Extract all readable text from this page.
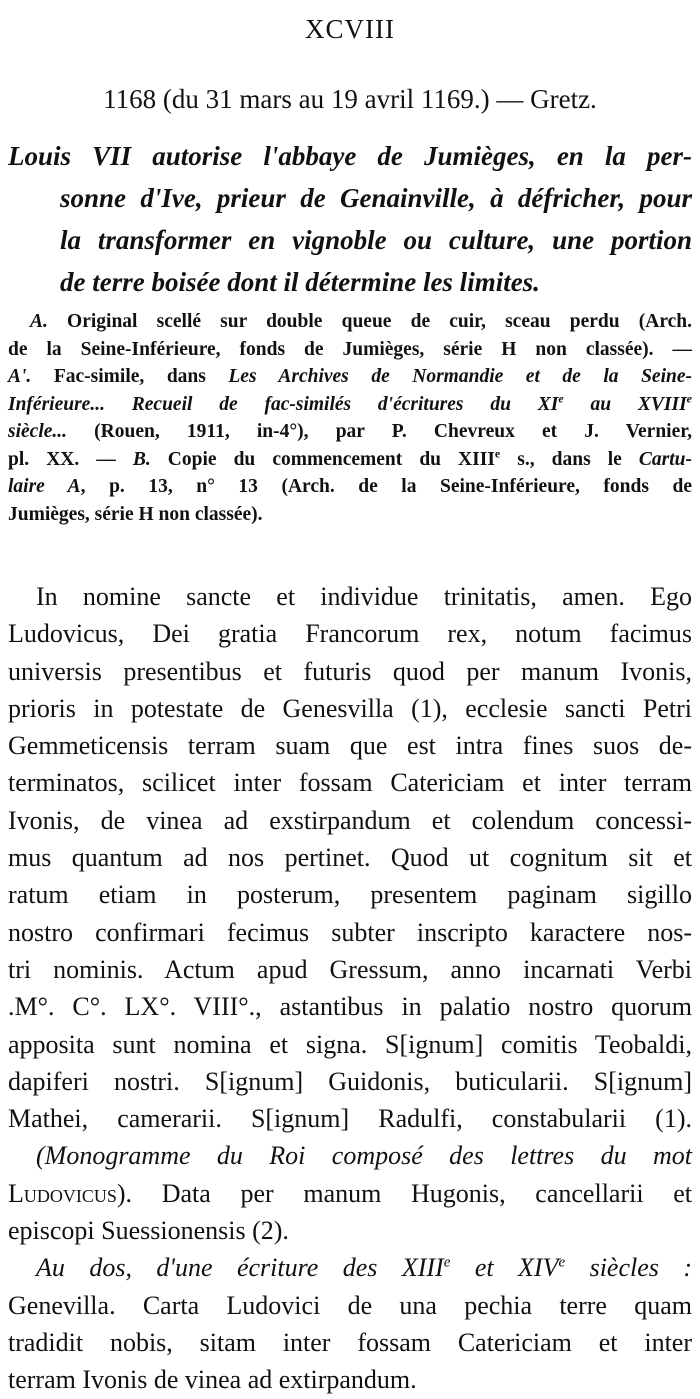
XCVIII
1168 (du 31 mars au 19 avril 1169.) — Gretz.

Louis VII autorise l'abbaye de Jumièges, en la per-
sonne d'Ive, prieur de Genainville, à défricher, pour
la transformer en vignoble ou culture, une portion
de terre boisée dont il détermine les limites.

A. Original scellé sur double queue de cuir, sceau perdu (Arch.
de la Seine-Inférieure, fonds de Jumièges, série H non classée). —
A'. Fac-simile, dans Les Archives de Normandie et de la Seine-
Inférieure... Recueil de fac-similés d'écritures du XIe au XVIIIe
siècle... (Rouen, 1911, in-4°), par P. Chevreux et J. Vernier,
pl. XX. — B. Copie du commencement du XIIIe s., dans le Cartu-
laire A, p. 13, n° 13 (Arch. de la Seine-Inférieure, fonds de
Jumièges, série H non classée).

In nomine sancte et individue trinitatis, amen. Ego
Ludovicus, Dei gratia Francorum rex, notum facimus
universis presentibus et futuris quod per manum Ivonis,
prioris in potestate de Genesvilla (1), ecclesie sancti Petri
Gemmeticensis terram suam que est intra fines suos de-
terminatos, scilicet inter fossam Catericiam et inter terram
Ivonis, de vinea ad exstirpandum et colendum concessi-
mus quantum ad nos pertinet. Quod ut cognitum sit et
ratum etiam in posterum, presentem paginam sigillo
nostro confirmari fecimus subter inscripto karactere nos-
tri nominis. Actum apud Gressum, anno incarnati Verbi
.M°. C°. LX°. VIII°., astantibus in palatio nostro quorum
apposita sunt nomina et signa. S[ignum] comitis Teobaldi,
dapiferi nostri. S[ignum] Guidonis, buticularii. S[ignum]
Mathei, camerarii. S[ignum] Radulfi, constabularii (1).
(Monogramme du Roi composé des lettres du mot
Ludovicus). Data per manum Hugonis, cancellarii et
episcopi Suessionensis (2).
Au dos, d'une écriture des XIIIe et XIVe siècles :
Genevilla. Carta Ludovici de una pechia terre quam
tradidit nobis, sitam inter fossam Catericiam et inter
terram Ivonis de vinea ad extirpandum.
